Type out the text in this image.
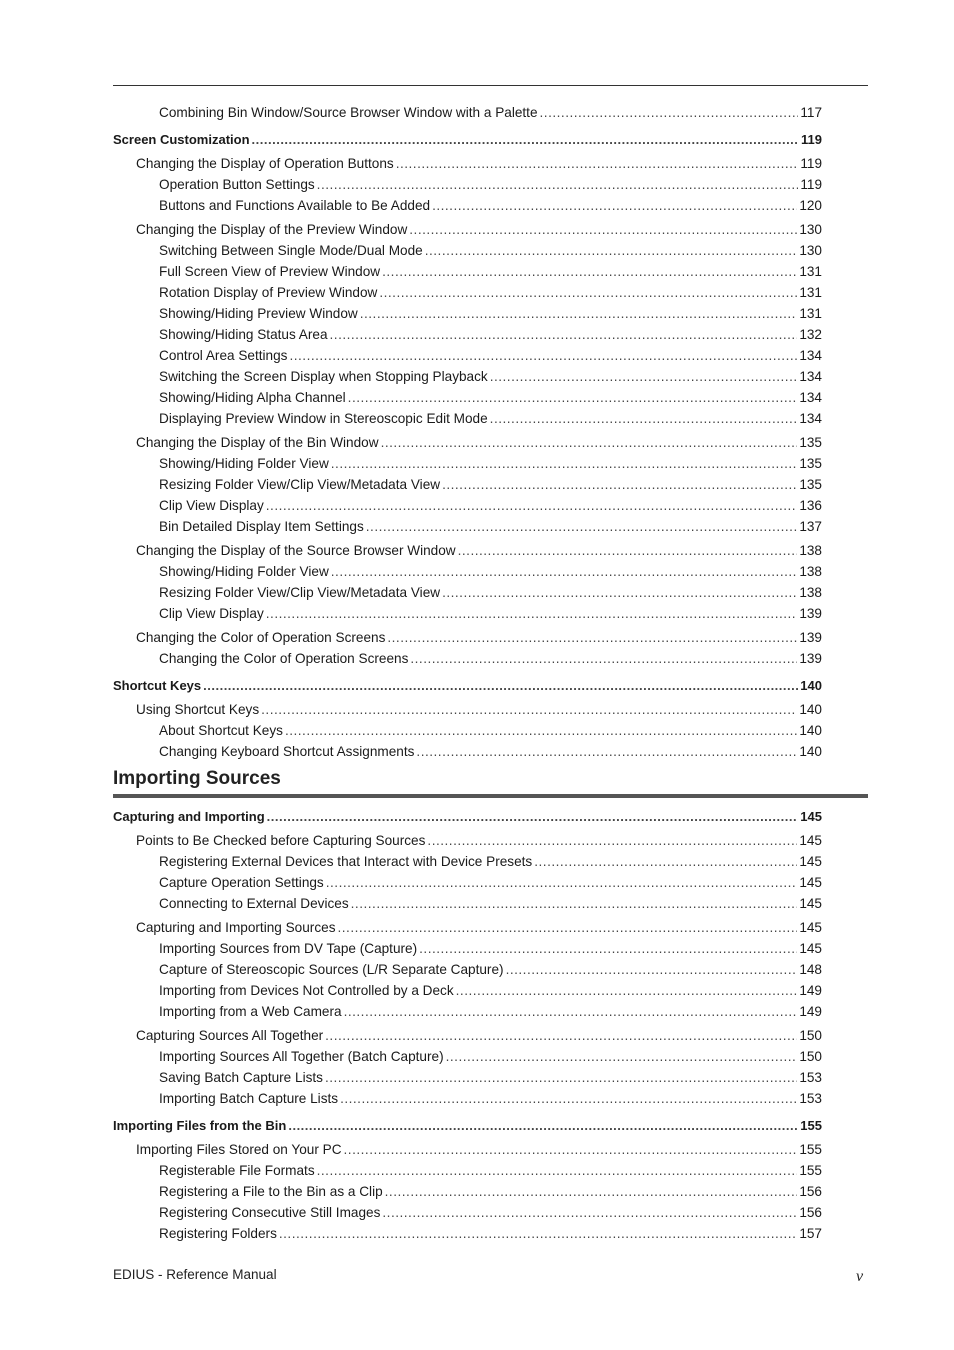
Combining Bin Window/Source Browser Window with a Palette .....	117
Screen Customization .....	119
Changing the Display of Operation Buttons .....	119
Operation Button Settings .....	119
Buttons and Functions Available to Be Added .....	120
Changing the Display of the Preview Window .....	130
Switching Between Single Mode/Dual Mode .....	130
Full Screen View of Preview Window .....	131
Rotation Display of Preview Window .....	131
Showing/Hiding Preview Window .....	131
Showing/Hiding Status Area .....	132
Control Area Settings .....	134
Switching the Screen Display when Stopping Playback .....	134
Showing/Hiding Alpha Channel .....	134
Displaying Preview Window in Stereoscopic Edit Mode .....	134
Changing the Display of the Bin Window .....	135
Showing/Hiding Folder View .....	135
Resizing Folder View/Clip View/Metadata View .....	135
Clip View Display .....	136
Bin Detailed Display Item Settings .....	137
Changing the Display of the Source Browser Window .....	138
Showing/Hiding Folder View .....	138
Resizing Folder View/Clip View/Metadata View .....	138
Clip View Display .....	139
Changing the Color of Operation Screens .....	139
Changing the Color of Operation Screens .....	139
Shortcut Keys .....	140
Using Shortcut Keys .....	140
About Shortcut Keys .....	140
Changing Keyboard Shortcut Assignments .....	140
Importing Sources
Capturing and Importing .....	145
Points to Be Checked before Capturing Sources .....	145
Registering External Devices that Interact with Device Presets .....	145
Capture Operation Settings .....	145
Connecting to External Devices .....	145
Capturing and Importing Sources .....	145
Importing Sources from DV Tape (Capture) .....	145
Capture of Stereoscopic Sources (L/R Separate Capture) .....	148
Importing from Devices Not Controlled by a Deck .....	149
Importing from a Web Camera .....	149
Capturing Sources All Together .....	150
Importing Sources All Together (Batch Capture) .....	150
Saving Batch Capture Lists .....	153
Importing Batch Capture Lists .....	153
Importing Files from the Bin .....	155
Importing Files Stored on Your PC .....	155
Registerable File Formats .....	155
Registering a File to the Bin as a Clip .....	156
Registering Consecutive Still Images .....	156
Registering Folders .....	157
EDIUS - Reference Manual	v
